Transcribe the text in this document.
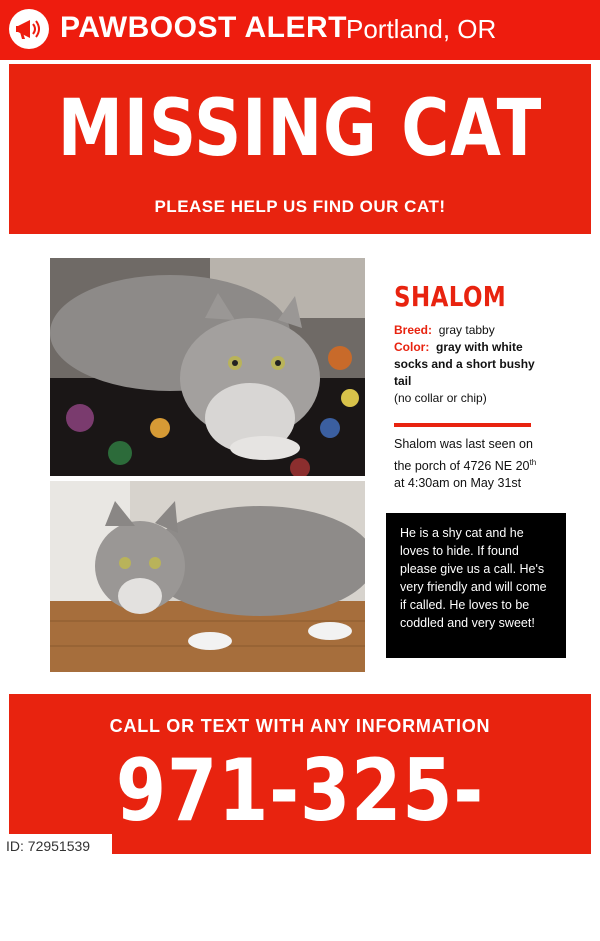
PAWBOOST ALERT Portland, OR
MISSING CAT
PLEASE HELP US FIND OUR CAT!
SHALOM
Breed: gray tabby
Color: gray with white socks and a short bushy tail
(no collar or chip)
Shalom was last seen on the porch of 4726 NE 20th at 4:30am on May 31st

He is a shy cat and he loves to hide. If found please give us a call. He's very friendly and will come if called. He loves to be coddled and very sweet!

CALL OR TEXT WITH ANY INFORMATION
971-325-2258
ID: 72951539
